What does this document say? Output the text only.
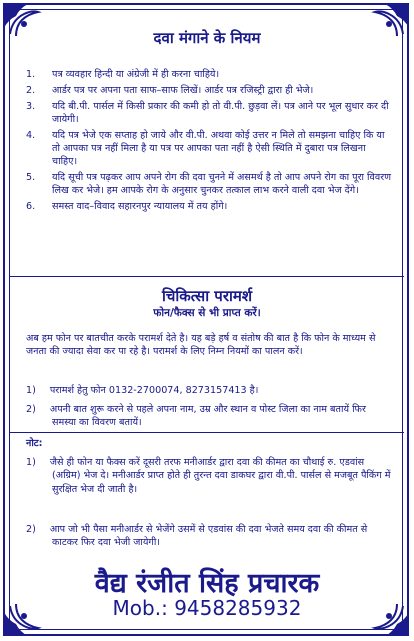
दवा मंगाने के नियम
1.	पत्र व्यवहार हिन्दी या अंग्रेजी में ही करना चाहिये।
2.	आर्डर पत्र पर अपना पता साफ–साफ लिखें। आर्डर पत्र रजिस्ट्री द्वारा ही भेजे।
3.	यदि बी.पी. पार्सल में किसी प्रकार की कमी हो तो वी.पी. छुड़वा लें। पत्र आने पर भूल सुधार कर दी जायेगी।
4.	यदि पत्र भेजे एक सप्ताह हो जाये और वी.पी. अथवा कोई उत्तर न मिले तो समझना चाहिए कि या तो आपका पत्र नहीं मिला है या पत्र पर आपका पता नहीं है ऐसी स्थिति में दुबारा पत्र लिखना चाहिए।
5.	यदि सूची पत्र पढ़कर आप अपने रोग की दवा चुनने में असमर्थ है तो आप अपने रोग का पूरा विवरण लिख कर भेजे। हम आपके रोग के अनुसार चुनकर तत्काल लाभ करने वाली दवा भेज देंगे।
6.	समस्त वाद–विवाद सहारनपुर न्यायालय में तय होंगे।
चिकित्सा परामर्श
फोन/फैक्स से भी प्राप्त करें।
अब हम फोन पर बातचीत करके परामर्श देते है। यह बड़े हर्ष व संतोष की बात है कि फोन के माध्यम से जनता की ज्यादा सेवा कर पा रहे है। परामर्श के लिए निम्न नियमों का पालन करें।
1) परामर्श हेतु फोन 0132-2700074, 8273157413 है।
2) अपनी बात शुरू करने से पहले अपना नाम, उम्र और स्थान व पोस्ट जिला का नाम बतायें फिर समस्या का विवरण बतायें।
नोट:
1) जैसे ही फोन या फैक्स करें दूसरी तरफ मनीआर्डर द्वारा दवा की कीमत का चौथाई रु. एडवांस (अग्रिम) भेज दे। मनीआर्डर प्राप्त होते ही तुरन्त दवा डाकघर द्वारा वी.पी. पार्सल से मजबूत पैकिंग में सुरक्षित भेज दी जाती है।
2) आप जो भी पैसा मनीआर्डर से भेजेंगे उसमें से एडवांस की दवा भेजते समय दवा की कीमत से काटकर फिर दवा भेजी जायेगी।
वैद्य रंजीत सिंह प्रचारक
Mob.: 9458285932
